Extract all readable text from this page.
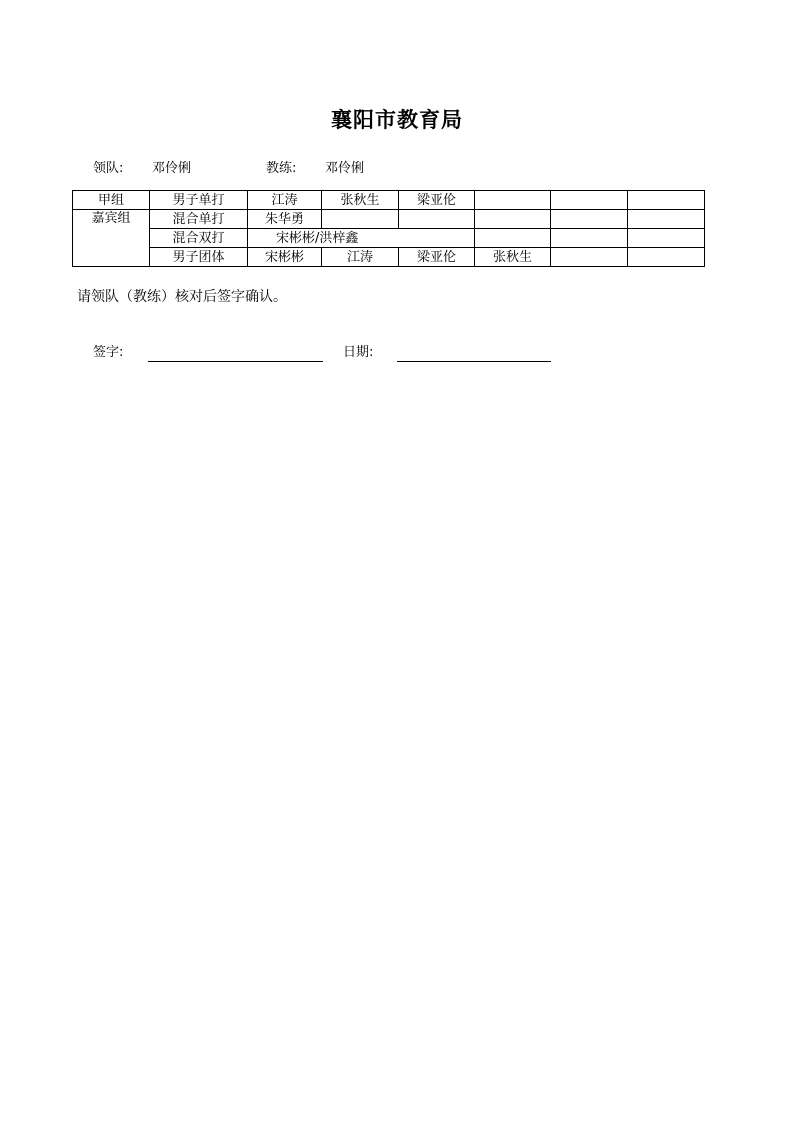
襄阳市教育局
领队: 邓伶俐	教练: 邓伶俐
甲组	男子单打	江涛	张秋生	梁亚伦			
嘉宾组	混合单打	朱华勇					
	混合双打	宋彬彬/洪梓鑫					
	男子团体	宋彬彬	江涛	梁亚伦	张秋生		
请领队（教练）核对后签字确认。
签字:	日期:
